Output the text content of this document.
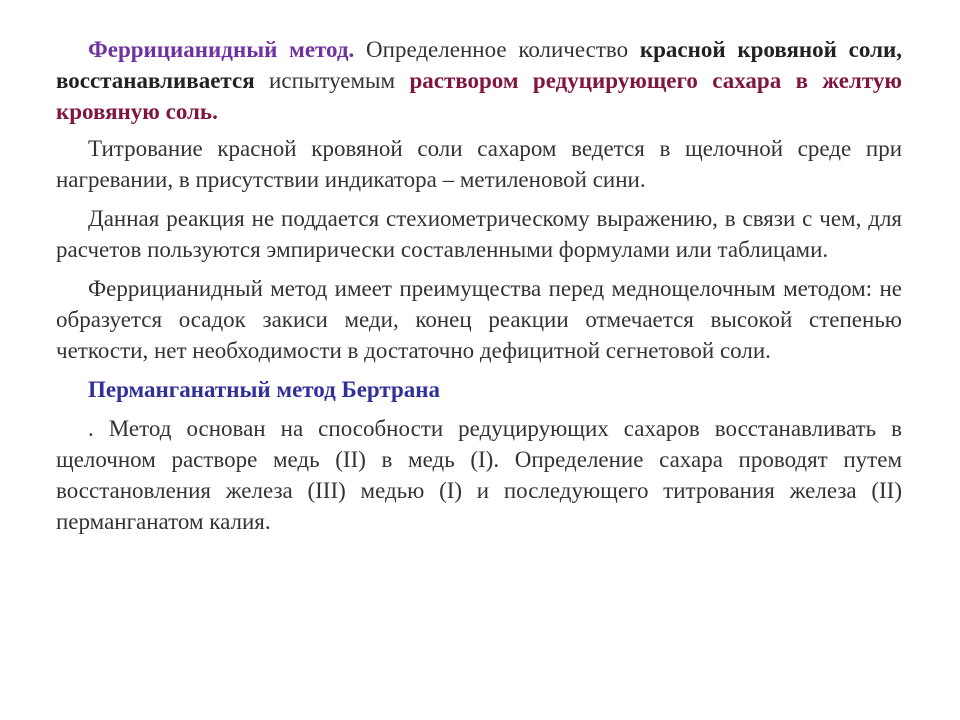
Феррицианидный метод. Определенное количество красной кровяной соли, восстанавливается испытуемым раствором редуцирующего сахара в желтую кровяную соль.

Титрование красной кровяной соли сахаром ведется в щелочной среде при нагревании, в присутствии индикатора – метиленовой сини.

Данная реакция не поддается стехиометрическому выражению, в связи с чем, для расчетов пользуются эмпирически составленными формулами или таблицами.

Феррицианидный метод имеет преимущества перед меднощелочным методом: не образуется осадок закиси меди, конец реакции отмечается высокой степенью четкости, нет необходимости в достаточно дефицитной сегнетовой соли.

Перманганатный метод Бертрана

. Метод основан на способности редуцирующих сахаров восстанавливать в щелочном растворе медь (II) в медь (I). Определение сахара проводят путем восстановления железа (III) медью (I) и последующего титрования железа (II) перманганатом калия.
